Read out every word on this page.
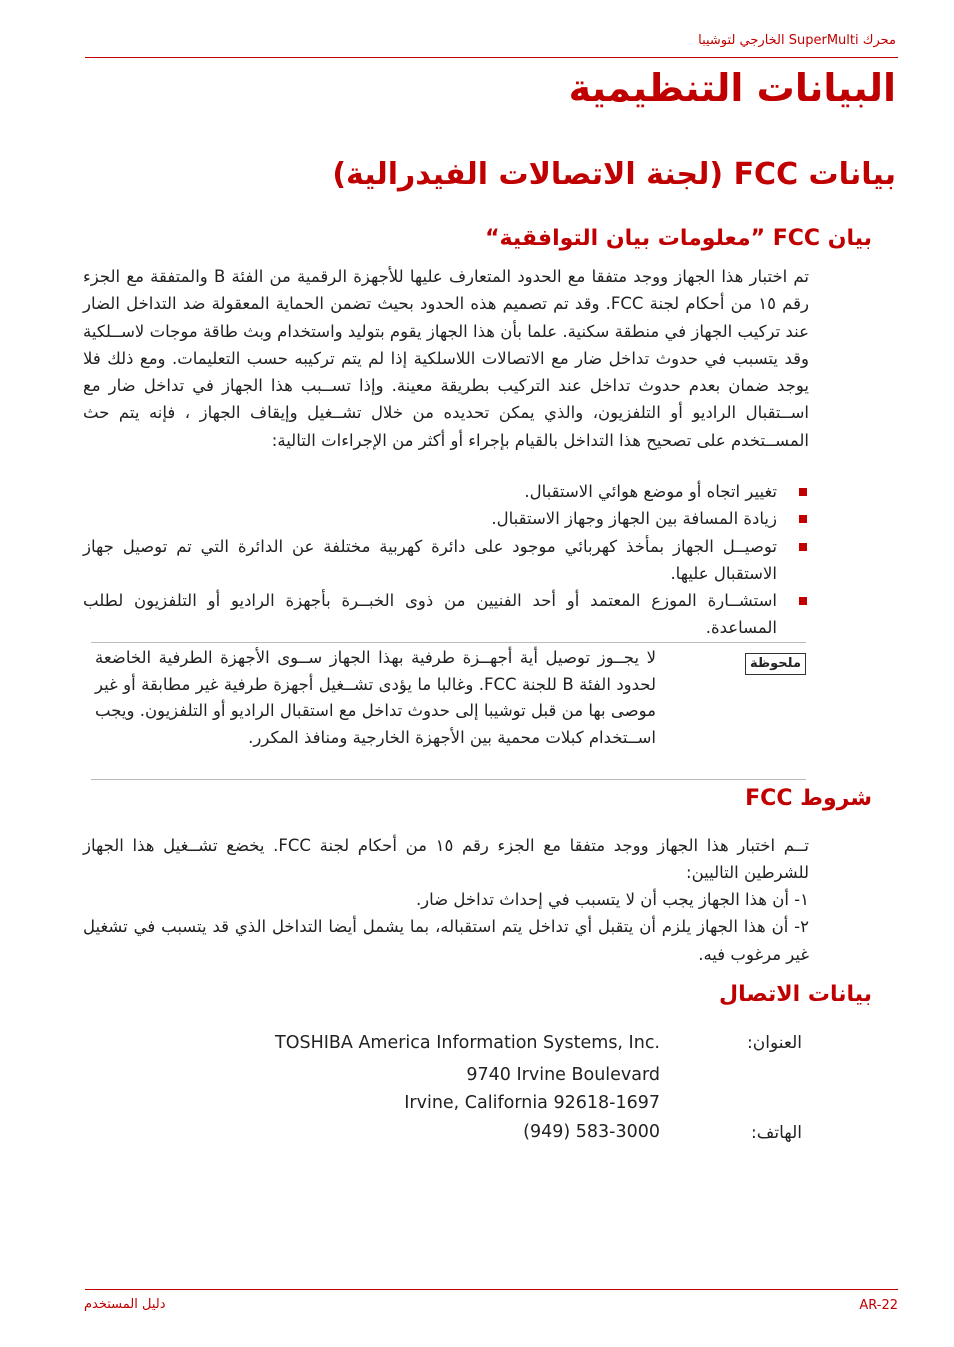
محرك SuperMulti الخارجي لتوشيبا
البيانات التنظيمية
بيانات FCC (لجنة الاتصالات الفيدرالية)
بيان FCC ”معلومات بيان التوافقية“

تم اختبار هذا الجهاز ووجد متفقا مع الحدود المتعارف عليها للأجهزة الرقمية من الفئة B والمتفقة مع الجزء رقم ١٥ من أحكام لجنة FCC. وقد تم تصميم هذه الحدود بحيث تضمن الحماية المعقولة ضد التداخل الضار عند تركيب الجهاز في منطقة سكنية. علما بأن هذا الجهاز يقوم بتوليد واستخدام وبث طاقة موجات لاســلكية وقد يتسبب في حدوث تداخل ضار مع الاتصالات اللاسلكية إذا لم يتم تركيبه حسب التعليمات. ومع ذلك فلا يوجد ضمان بعدم حدوث تداخل عند التركيب بطريقة معينة. وإذا تســبب هذا الجهاز في تداخل ضار مع اســتقبال الراديو أو التلفزيون، والذي يمكن تحديده من خلال تشــغيل وإيقاف الجهاز ، فإنه يتم حث المســتخدم على تصحيح هذا التداخل بالقيام بإجراء أو أكثر من الإجراءات التالية:

تغيير اتجاه أو موضع هوائي الاستقبال.
زيادة المسافة بين الجهاز وجهاز الاستقبال.
توصيــل الجهاز بمأخذ كهربائي موجود على دائرة كهربية مختلفة عن الدائرة التي تم توصيل جهاز الاستقبال عليها.
استشــارة الموزع المعتمد أو أحد الفنيين من ذوى الخبــرة بأجهزة الراديو أو التلفزيون لطلب المساعدة.
ملحوظة
لا يجــوز توصيل أية أجهــزة طرفية بهذا الجهاز ســوى الأجهزة الطرفية الخاضعة لحدود الفئة B للجنة FCC. وغالبا ما يؤدى تشــغيل أجهزة طرفية غير مطابقة أو غير موصى بها من قبل توشيبا إلى حدوث تداخل مع استقبال الراديو أو التلفزيون. ويجب اســتخدام كبلات محمية بين الأجهزة الخارجية ومنافذ المكرر.
شروط FCC

تــم اختبار هذا الجهاز ووجد متفقا مع الجزء رقم ١٥ من أحكام لجنة FCC. يخضع تشــغيل هذا الجهاز للشرطين التاليين:

١- أن هذا الجهاز يجب أن لا يتسبب في إحداث تداخل ضار.

٢- أن هذا الجهاز يلزم أن يتقبل أي تداخل يتم استقباله، بما يشمل أيضا التداخل الذي قد يتسبب في تشغيل غير مرغوب فيه.

بيانات الاتصال
العنوان:
TOSHIBA America Information Systems, Inc.
9740 Irvine Boulevard
Irvine, California 92618-1697
الهاتف:
(949) 583-3000
دليل المستخدم	AR-22
